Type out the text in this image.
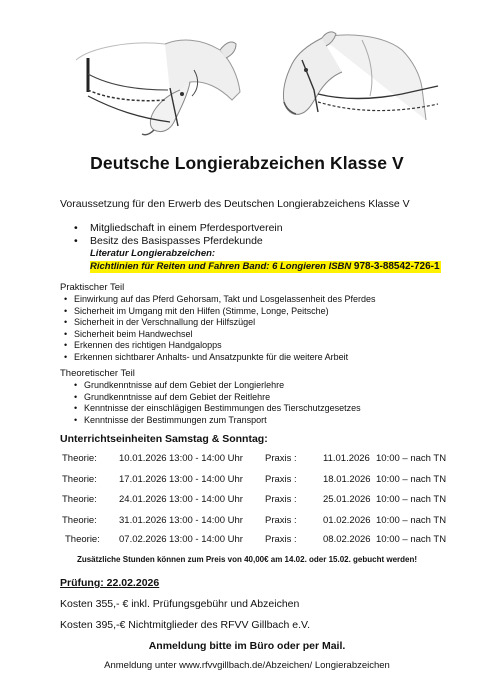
Deutsche Longierabzeichen Klasse V
Voraussetzung für den Erwerb des Deutschen Longierabzeichens Klasse V
• Mitgliedschaft in einem Pferdesportverein
• Besitz des Basispasses Pferdekunde
Literatur Longierabzeichen:
Richtlinien für Reiten und Fahren Band: 6 Longieren ISBN 978-3-88542-726-1
Praktischer Teil
• Einwirkung auf das Pferd Gehorsam, Takt und Losgelassenheit des Pferdes
• Sicherheit im Umgang mit den Hilfen (Stimme, Longe, Peitsche)
• Sicherheit in der Verschnallung der Hilfszügel
• Sicherheit beim Handwechsel
• Erkennen des richtigen Handgalopps
• Erkennen sichtbarer Anhalts- und Ansatzpunkte für die weitere Arbeit
Theoretischer Teil
• Grundkenntnisse auf dem Gebiet der Longierlehre
• Grundkenntnisse auf dem Gebiet der Reitlehre
• Kenntnisse der einschlägigen Bestimmungen des Tierschutzgesetzes
• Kenntnisse der Bestimmungen zum Transport
Unterrichtseinheiten Samstag & Sonntag:
Theorie: 10.01.2026 13:00 - 14:00 Uhr Praxis :	11.01.2026 10:00 – nach TN
Theorie: 17.01.2026 13:00 - 14:00 Uhr Praxis :	18.01.2026 10:00 – nach TN
Theorie: 24.01.2026 13:00 - 14:00 Uhr Praxis :	25.01.2026 10:00 – nach TN
Theorie: 31.01.2026 13:00 - 14:00 Uhr Praxis :	01.02.2026 10:00 – nach TN
Theorie: 07.02.2026 13:00 - 14:00 Uhr Praxis :	08.02.2026 10:00 – nach TN
Zusätzliche Stunden können zum Preis von 40,00€ am 14.02. oder 15.02. gebucht werden!
Prüfung: 22.02.2026
Kosten 355,- € inkl. Prüfungsgebühr und Abzeichen
Kosten 395,-€ Nichtmitglieder des RFVV Gillbach e.V.
Anmeldung bitte im Büro oder per Mail.
Anmeldung unter www.rfvvgillbach.de/Abzeichen/ Longierabzeichen
